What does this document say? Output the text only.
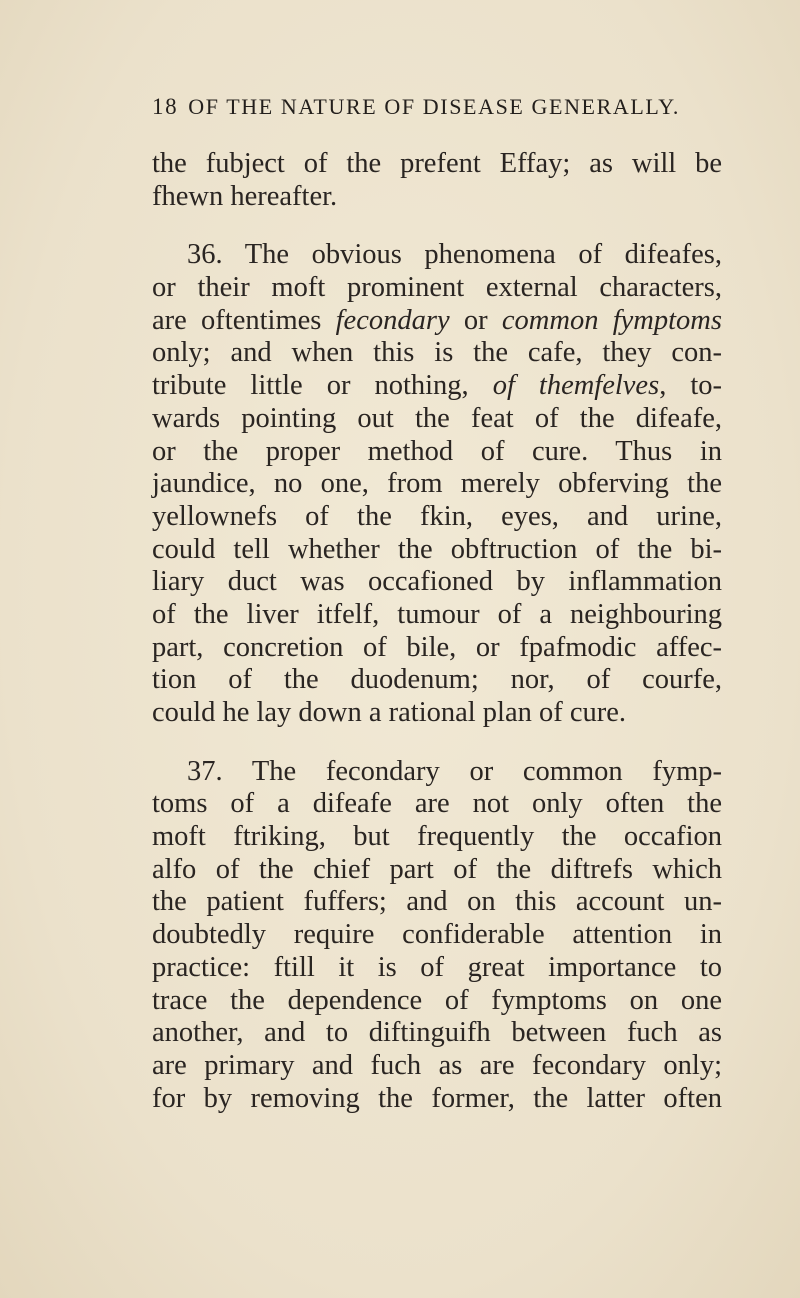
18 OF THE NATURE OF DISEASE GENERALLY.
the fubject of the prefent Effay; as will be
fhewn hereafter.
36. The obvious phenomena of difeafes,
or their moft prominent external characters,
are oftentimes fecondary or common fymptoms
only; and when this is the cafe, they con-
tribute little or nothing, of themfelves, to-
wards pointing out the feat of the difeafe,
or the proper method of cure. Thus in
jaundice, no one, from merely obferving the
yellownefs of the fkin, eyes, and urine,
could tell whether the obftruction of the bi-
liary duct was occafioned by inflammation
of the liver itfelf, tumour of a neighbouring
part, concretion of bile, or fpafmodic affec-
tion of the duodenum; nor, of courfe,
could he lay down a rational plan of cure.
37. The fecondary or common fymp-
toms of a difeafe are not only often the
moft ftriking, but frequently the occafion
alfo of the chief part of the diftrefs which
the patient fuffers; and on this account un-
doubtedly require confiderable attention in
practice: ftill it is of great importance to
trace the dependence of fymptoms on one
another, and to diftinguifh between fuch as
are primary and fuch as are fecondary only;
for by removing the former, the latter often
